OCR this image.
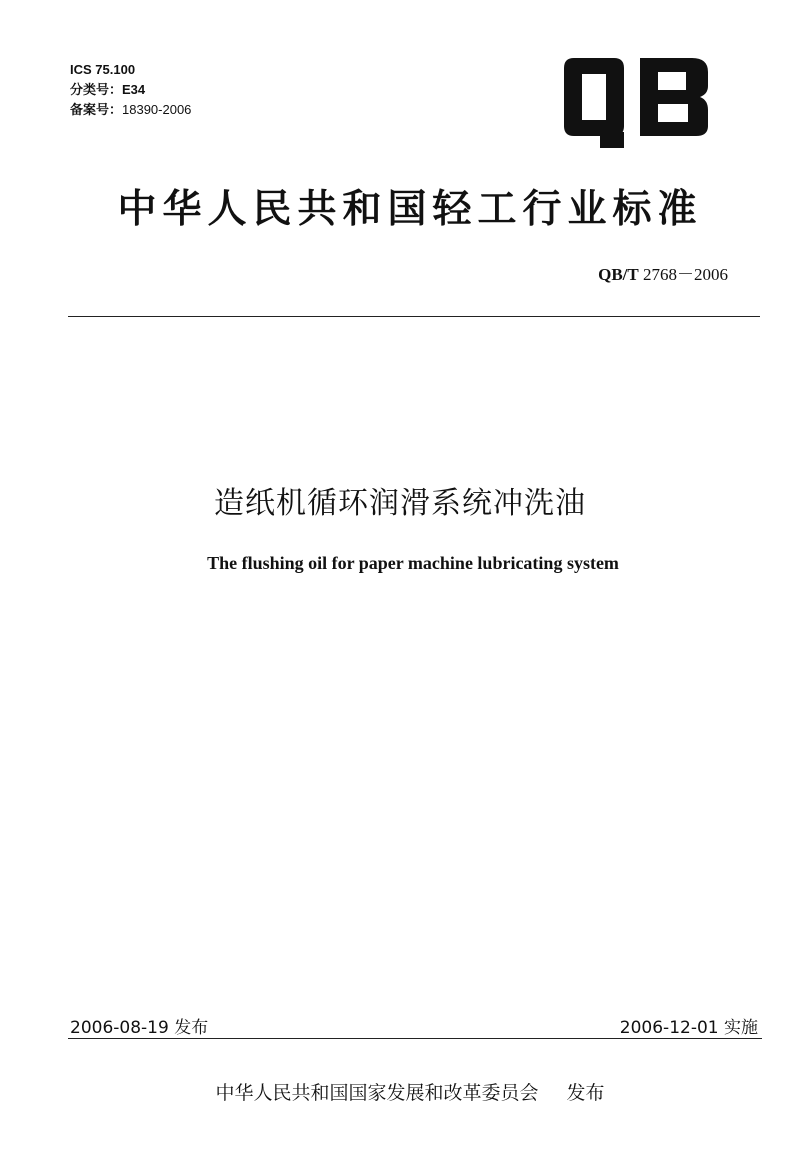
ICS 75.100
分类号：E34
备案号：18390-2006
中华人民共和国轻工行业标准
QB/T 2768－2006
造纸机循环润滑系统冲洗油
The flushing oil for paper machine lubricating system
2006-08-19 发布	2006-12-01 实施
中华人民共和国国家发展和改革委员会 发布
